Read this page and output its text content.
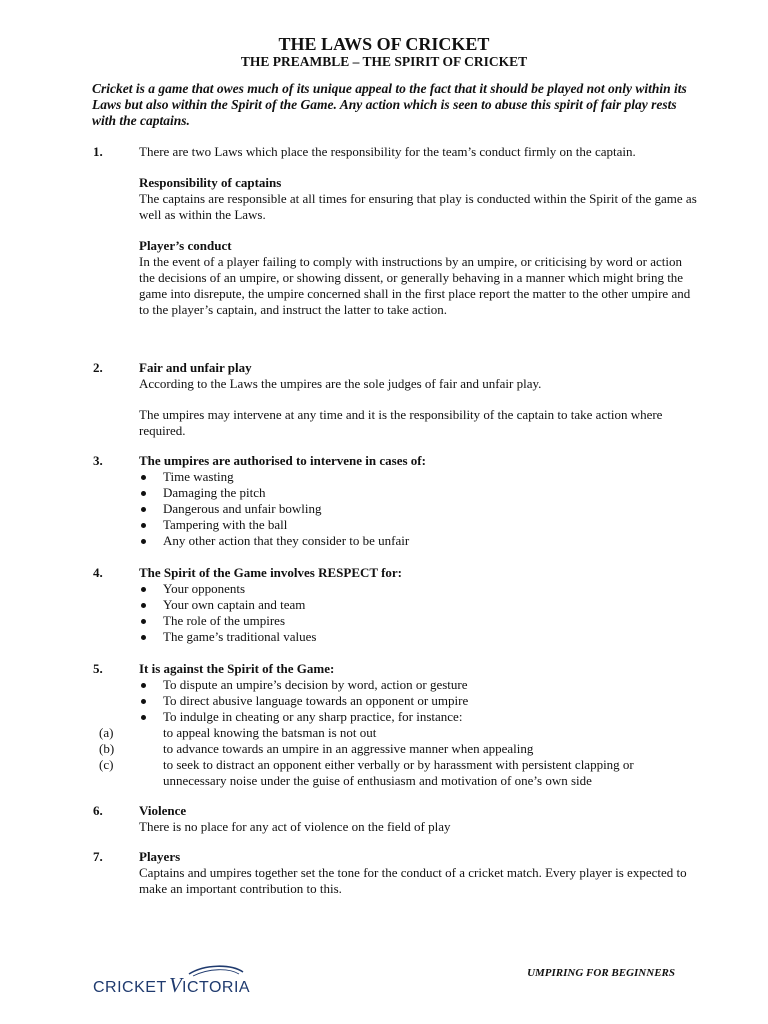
THE LAWS OF CRICKET
THE PREAMBLE – THE SPIRIT OF CRICKET
Cricket is a game that owes much of its unique appeal to the fact that it should be played not only within its Laws but also within the Spirit of the Game. Any action which is seen to abuse this spirit of fair play rests with the captains.
1.	There are two Laws which place the responsibility for the team’s conduct firmly on the captain.
Responsibility of captains
The captains are responsible at all times for ensuring that play is conducted within the Spirit of the game as well as within the Laws.
Player’s conduct
In the event of a player failing to comply with instructions by an umpire, or criticising by word or action the decisions of an umpire, or showing dissent, or generally behaving in a manner which might bring the game into disrepute, the umpire concerned shall in the first place report the matter to the other umpire and to the player’s captain, and instruct the latter to take action.
2.	Fair and unfair play
According to the Laws the umpires are the sole judges of fair and unfair play.
The umpires may intervene at any time and it is the responsibility of the captain to take action where required.
3.	The umpires are authorised to intervene in cases of:
Time wasting
Damaging the pitch
Dangerous and unfair bowling
Tampering with the ball
Any other action that they consider to be unfair
4.	The Spirit of the Game involves RESPECT for:
Your opponents
Your own captain and team
The role of the umpires
The game’s traditional values
5.	It is against the Spirit of the Game:
To dispute an umpire’s decision by word, action or gesture
To direct abusive language towards an opponent or umpire
To indulge in cheating or any sharp practice, for instance:
(a)	to appeal knowing the batsman is not out
(b)	to advance towards an umpire in an aggressive manner when appealing
(c)	to seek to distract an opponent either verbally or by harassment with persistent clapping or unnecessary noise under the guise of enthusiasm and motivation of one’s own side
6.	Violence
There is no place for any act of violence on the field of play
7.	Players
Captains and umpires together set the tone for the conduct of a cricket match. Every player is expected to make an important contribution to this.
CRICKET V ICTORIA
UMPIRING FOR BEGINNERS
